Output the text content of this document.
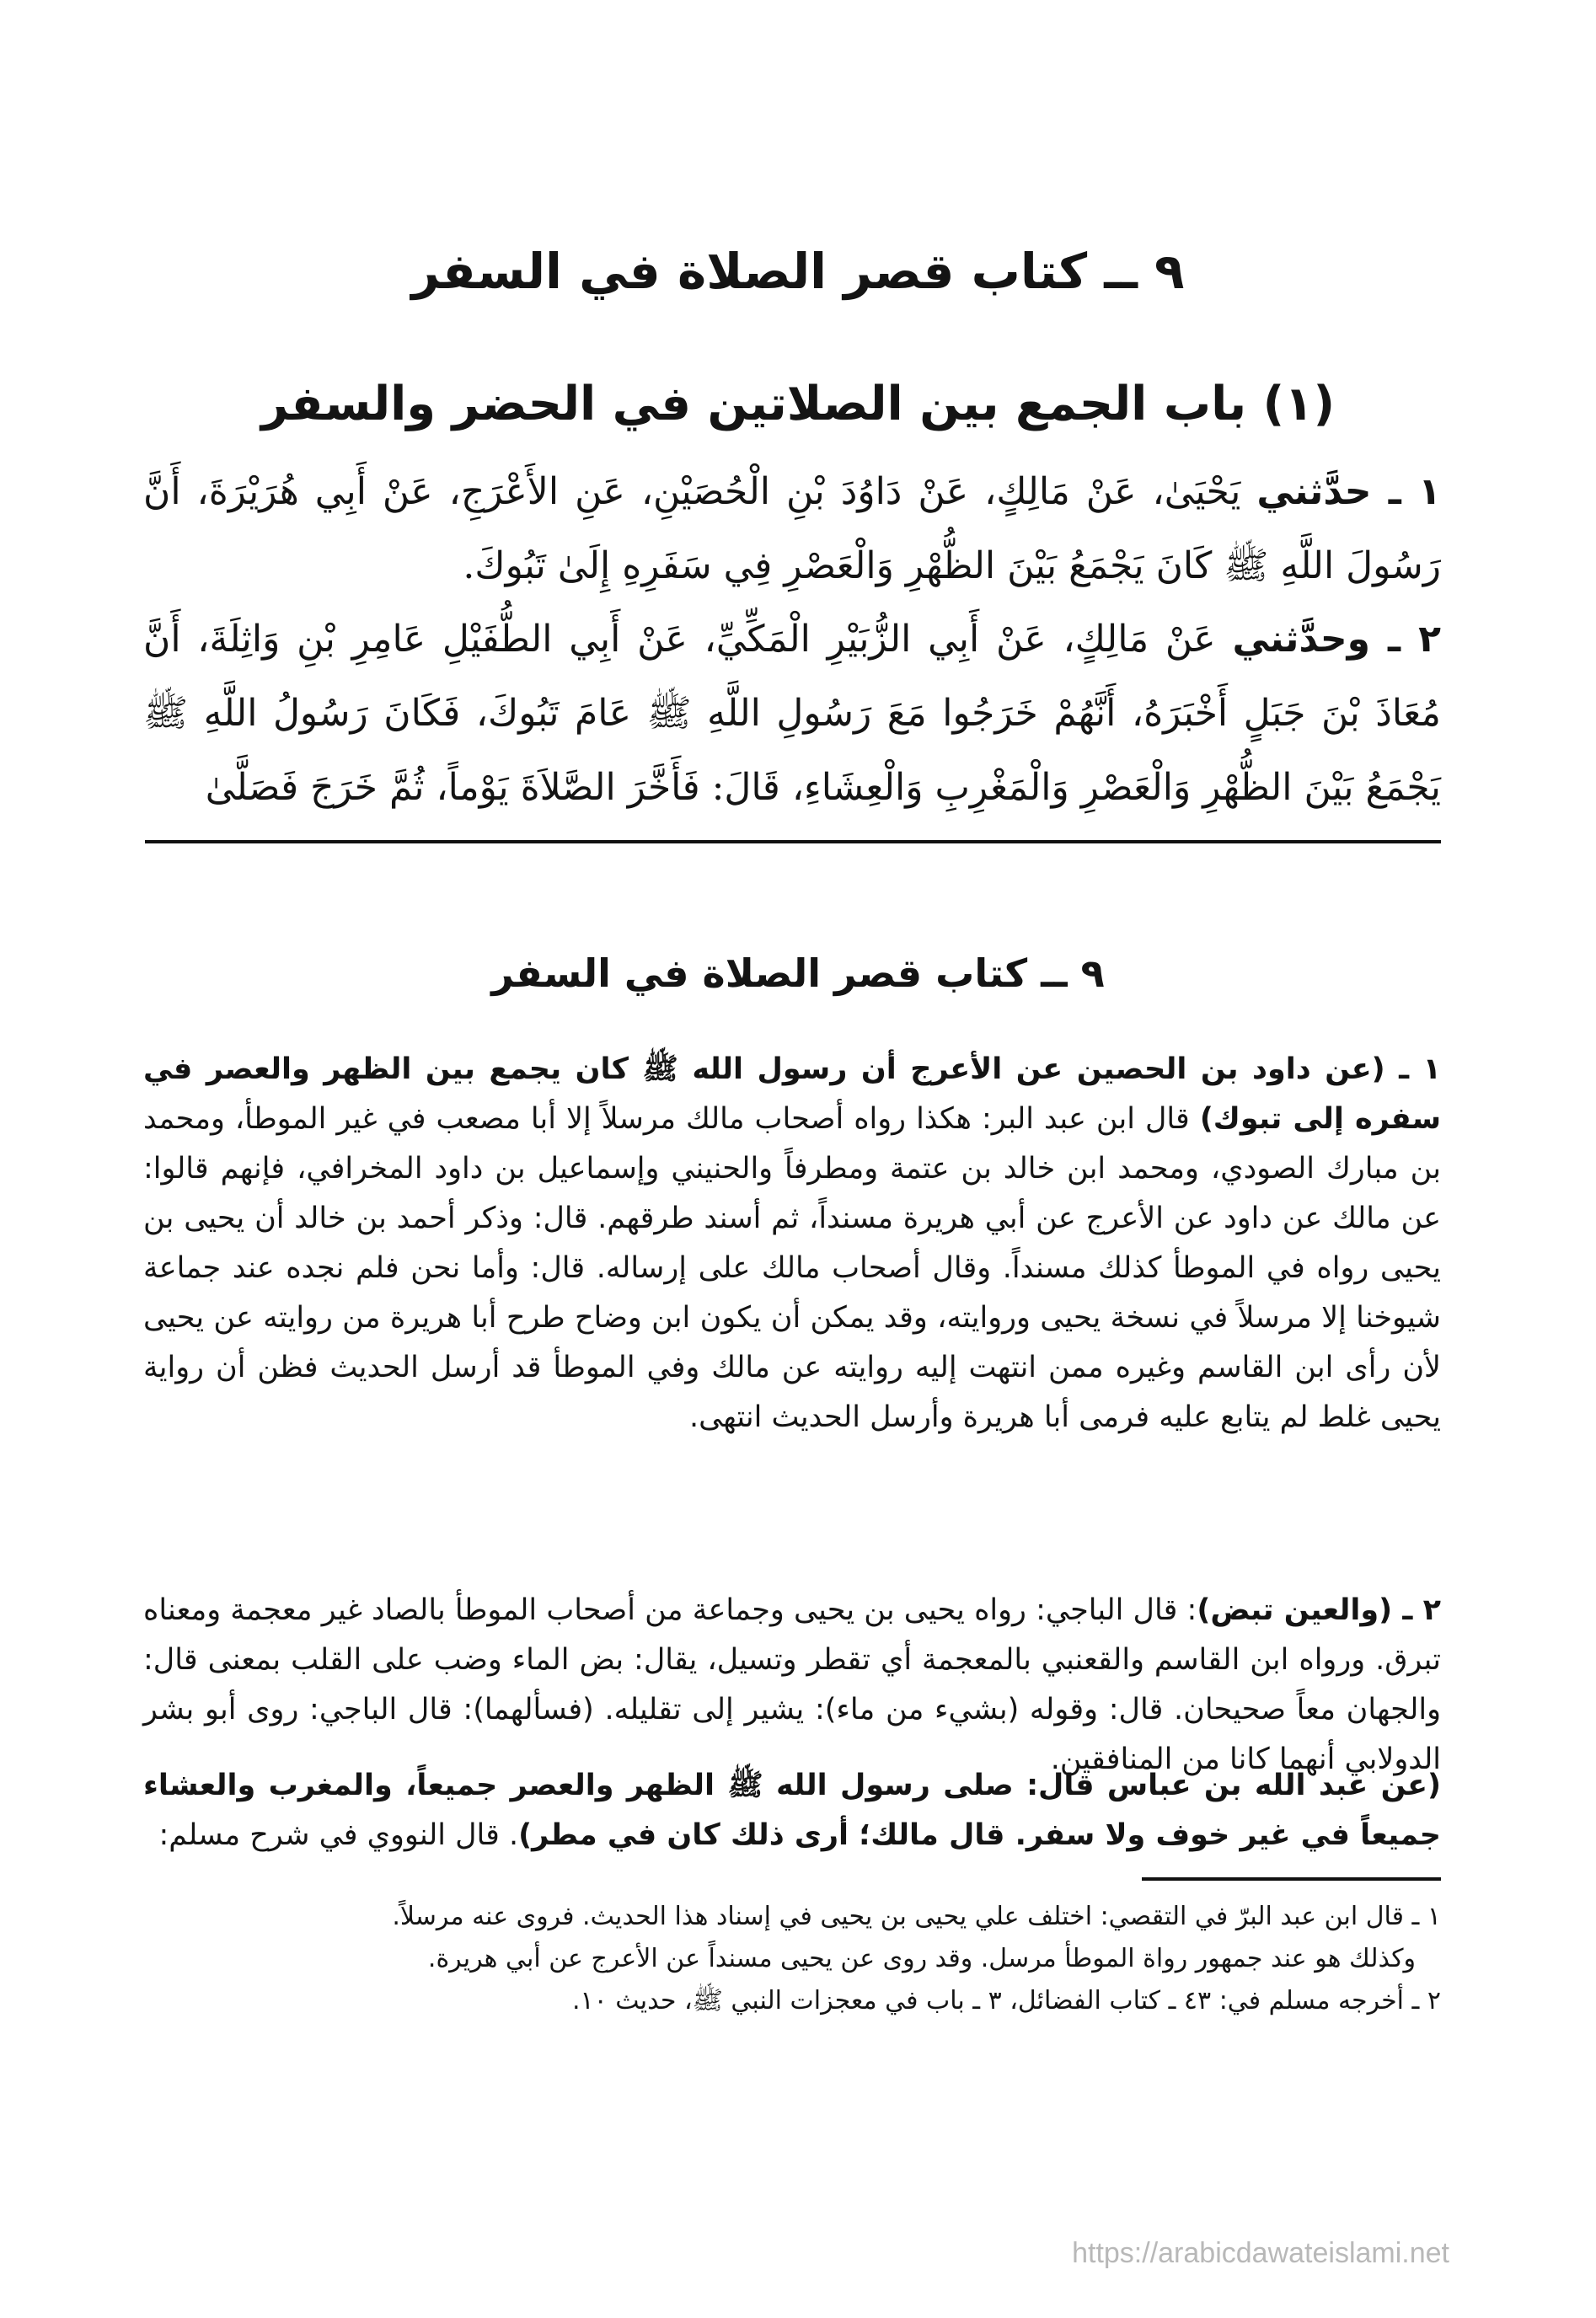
٩ ــ كتاب قصر الصلاة في السفر
(١) باب الجمع بين الصلاتين في الحضر والسفر

١ ـ حدَّثني يَحْيَىٰ، عَنْ مَالِكٍ، عَنْ دَاوُدَ بْنِ الْحُصَيْنِ، عَنِ الأَعْرَجِ، عَنْ أَبِي هُرَيْرَةَ، أَنَّ رَسُولَ اللَّهِ ﷺ كَانَ يَجْمَعُ بَيْنَ الظُّهْرِ وَالْعَصْرِ فِي سَفَرِهِ إِلَىٰ تَبُوكَ.

٢ ـ وحدَّثني عَنْ مَالِكٍ، عَنْ أَبِي الزُّبَيْرِ الْمَكِّيِّ، عَنْ أَبِي الطُّفَيْلِ عَامِرِ بْنِ وَاثِلَةَ، أَنَّ مُعَاذَ بْنَ جَبَلٍ أَخْبَرَهُ، أَنَّهُمْ خَرَجُوا مَعَ رَسُولِ اللَّهِ ﷺ عَامَ تَبُوكَ، فَكَانَ رَسُولُ اللَّهِ ﷺ يَجْمَعُ بَيْنَ الظُّهْرِ وَالْعَصْرِ وَالْمَغْرِبِ وَالْعِشَاءِ، قَالَ: فَأَخَّرَ الصَّلاَةَ يَوْماً، ثُمَّ خَرَجَ فَصَلَّىٰ

٩ ــ كتاب قصر الصلاة في السفر

١ ـ (عن داود بن الحصين عن الأعرج أن رسول الله ﷺ كان يجمع بين الظهر والعصر في سفره إلى تبوك) قال ابن عبد البر: هكذا رواه أصحاب مالك مرسلاً إلا أبا مصعب في غير الموطأ، ومحمد بن مبارك الصودي، ومحمد ابن خالد بن عتمة ومطرفاً والحنيني وإسماعيل بن داود المخرافي، فإنهم قالوا: عن مالك عن داود عن الأعرج عن أبي هريرة مسنداً، ثم أسند طرقهم. قال: وذكر أحمد بن خالد أن يحيى بن يحيى رواه في الموطأ كذلك مسنداً. وقال أصحاب مالك على إرساله. قال: وأما نحن فلم نجده عند جماعة شيوخنا إلا مرسلاً في نسخة يحيى وروايته، وقد يمكن أن يكون ابن وضاح طرح أبا هريرة من روايته عن يحيى لأن رأى ابن القاسم وغيره ممن انتهت إليه روايته عن مالك وفي الموطأ قد أرسل الحديث فظن أن رواية يحيى غلط لم يتابع عليه فرمى أبا هريرة وأرسل الحديث انتهى.

٢ ـ (والعين تبض): قال الباجي: رواه يحيى بن يحيى وجماعة من أصحاب الموطأ بالصاد غير معجمة ومعناه تبرق. ورواه ابن القاسم والقعنبي بالمعجمة أي تقطر وتسيل، يقال: بض الماء وضب على القلب بمعنى قال: والجهان معاً صحيحان. قال: وقوله (بشيء من ماء): يشير إلى تقليله. (فسألهما): قال الباجي: روى أبو بشر الدولابي أنهما كانا من المنافقين.

(عن عبد الله بن عباس قال: صلى رسول الله ﷺ الظهر والعصر جميعاً، والمغرب والعشاء جميعاً في غير خوف ولا سفر. قال مالك؛ أرى ذلك كان في مطر). قال النووي في شرح مسلم:

١ ـ قال ابن عبد البرّ في التقصي: اختلف علي يحيى بن يحيى في إسناد هذا الحديث. فروى عنه مرسلاً.
وكذلك هو عند جمهور رواة الموطأ مرسل. وقد روى عن يحيى مسنداً عن الأعرج عن أبي هريرة.
٢ ـ أخرجه مسلم في: ٤٣ ـ كتاب الفضائل، ٣ ـ باب في معجزات النبي ﷺ، حديث ١٠.
https://arabicdawateislami.net
